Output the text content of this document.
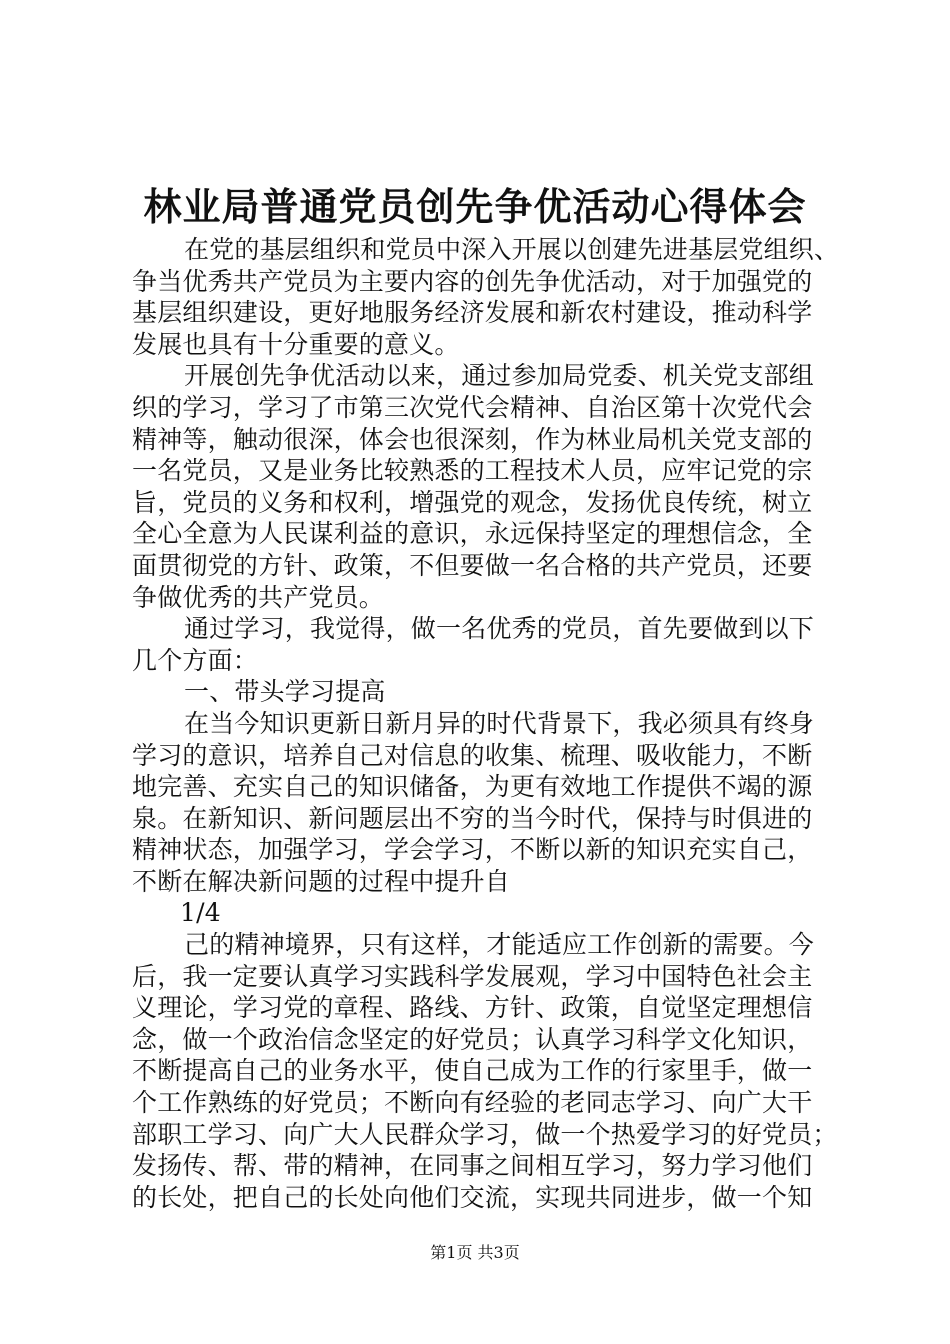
林业局普通党员创先争优活动心得体会
在党的基层组织和党员中深入开展以创建先进基层党组织、
争当优秀共产党员为主要内容的创先争优活动，对于加强党的
基层组织建设，更好地服务经济发展和新农村建设，推动科学
发展也具有十分重要的意义。
开展创先争优活动以来，通过参加局党委、机关党支部组
织的学习，学习了市第三次党代会精神、自治区第十次党代会
精神等，触动很深，体会也很深刻，作为林业局机关党支部的
一名党员，又是业务比较熟悉的工程技术人员，应牢记党的宗
旨，党员的义务和权利，增强党的观念，发扬优良传统，树立
全心全意为人民谋利益的意识，永远保持坚定的理想信念，全
面贯彻党的方针、政策，不但要做一名合格的共产党员，还要
争做优秀的共产党员。
通过学习，我觉得，做一名优秀的党员，首先要做到以下
几个方面：
一、带头学习提高
在当今知识更新日新月异的时代背景下，我必须具有终身
学习的意识，培养自己对信息的收集、梳理、吸收能力，不断
地完善、充实自己的知识储备，为更有效地工作提供不竭的源
泉。在新知识、新问题层出不穷的当今时代，保持与时俱进的
精神状态，加强学习，学会学习，不断以新的知识充实自己，
不断在解决新问题的过程中提升自
1/4
己的精神境界，只有这样，才能适应工作创新的需要。今
后，我一定要认真学习实践科学发展观，学习中国特色社会主
义理论，学习党的章程、路线、方针、政策，自觉坚定理想信
念，做一个政治信念坚定的好党员；认真学习科学文化知识，
不断提高自己的业务水平，使自己成为工作的行家里手，做一
个工作熟练的好党员；不断向有经验的老同志学习、向广大干
部职工学习、向广大人民群众学习，做一个热爱学习的好党员；
发扬传、帮、带的精神，在同事之间相互学习，努力学习他们
的长处，把自己的长处向他们交流，实现共同进步，做一个知
第1页 共3页
